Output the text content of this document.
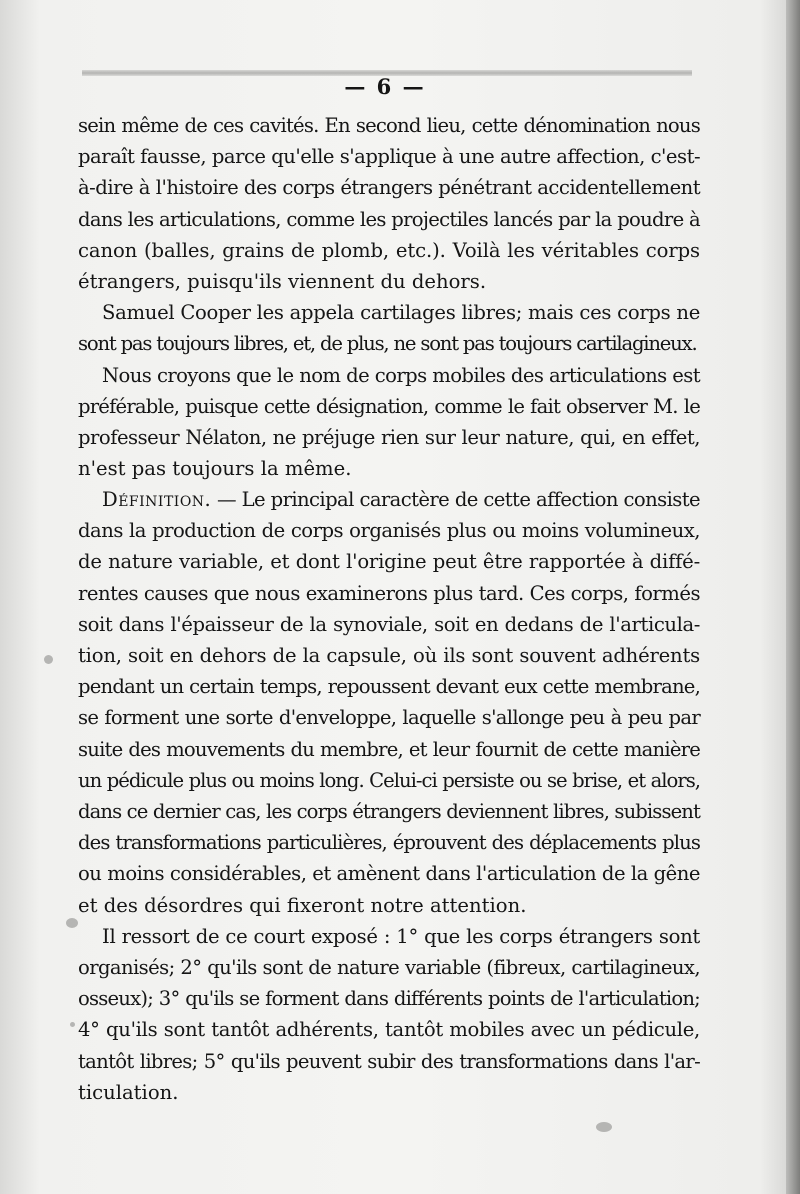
— 6 —
sein même de ces cavités. En second lieu, cette dénomination nous
paraît fausse, parce qu'elle s'applique à une autre affection, c'est-
à-dire à l'histoire des corps étrangers pénétrant accidentellement
dans les articulations, comme les projectiles lancés par la poudre à
canon (balles, grains de plomb, etc.). Voilà les véritables corps
étrangers, puisqu'ils viennent du dehors.
Samuel Cooper les appela cartilages libres; mais ces corps ne
sont pas toujours libres, et, de plus, ne sont pas toujours cartilagineux.
Nous croyons que le nom de corps mobiles des articulations est
préférable, puisque cette désignation, comme le fait observer M. le
professeur Nélaton, ne préjuge rien sur leur nature, qui, en effet,
n'est pas toujours la même.
Définition. — Le principal caractère de cette affection consiste
dans la production de corps organisés plus ou moins volumineux,
de nature variable, et dont l'origine peut être rapportée à diffé-
rentes causes que nous examinerons plus tard. Ces corps, formés
soit dans l'épaisseur de la synoviale, soit en dedans de l'articula-
tion, soit en dehors de la capsule, où ils sont souvent adhérents
pendant un certain temps, repoussent devant eux cette membrane,
se forment une sorte d'enveloppe, laquelle s'allonge peu à peu par
suite des mouvements du membre, et leur fournit de cette manière
un pédicule plus ou moins long. Celui-ci persiste ou se brise, et alors,
dans ce dernier cas, les corps étrangers deviennent libres, subissent
des transformations particulières, éprouvent des déplacements plus
ou moins considérables, et amènent dans l'articulation de la gêne
et des désordres qui fixeront notre attention.
Il ressort de ce court exposé : 1° que les corps étrangers sont
organisés; 2° qu'ils sont de nature variable (fibreux, cartilagineux,
osseux); 3° qu'ils se forment dans différents points de l'articulation;
4° qu'ils sont tantôt adhérents, tantôt mobiles avec un pédicule,
tantôt libres; 5° qu'ils peuvent subir des transformations dans l'ar-
ticulation.
